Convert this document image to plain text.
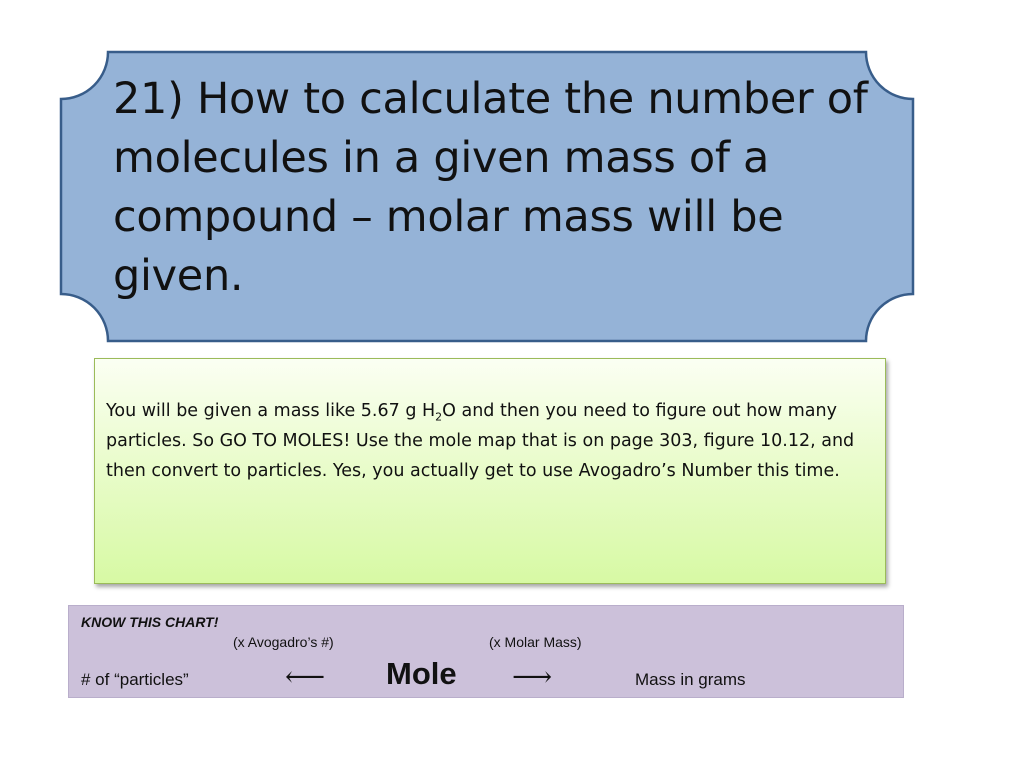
21) How to calculate the number of molecules in a given mass of a compound – molar mass will be given.

You will be given a mass like 5.67 g $H_2O$ and then you need to figure out how many particles. So GO TO MOLES! Use the mole map that is on page 303, figure 10.12, and then convert to particles. Yes, you actually get to use Avogadro’s Number this time.

KNOW THIS CHART!
(x Avogadro’s #)	(x Molar Mass)
# of “particles”	⟵ Mole ⟶	Mass in grams
